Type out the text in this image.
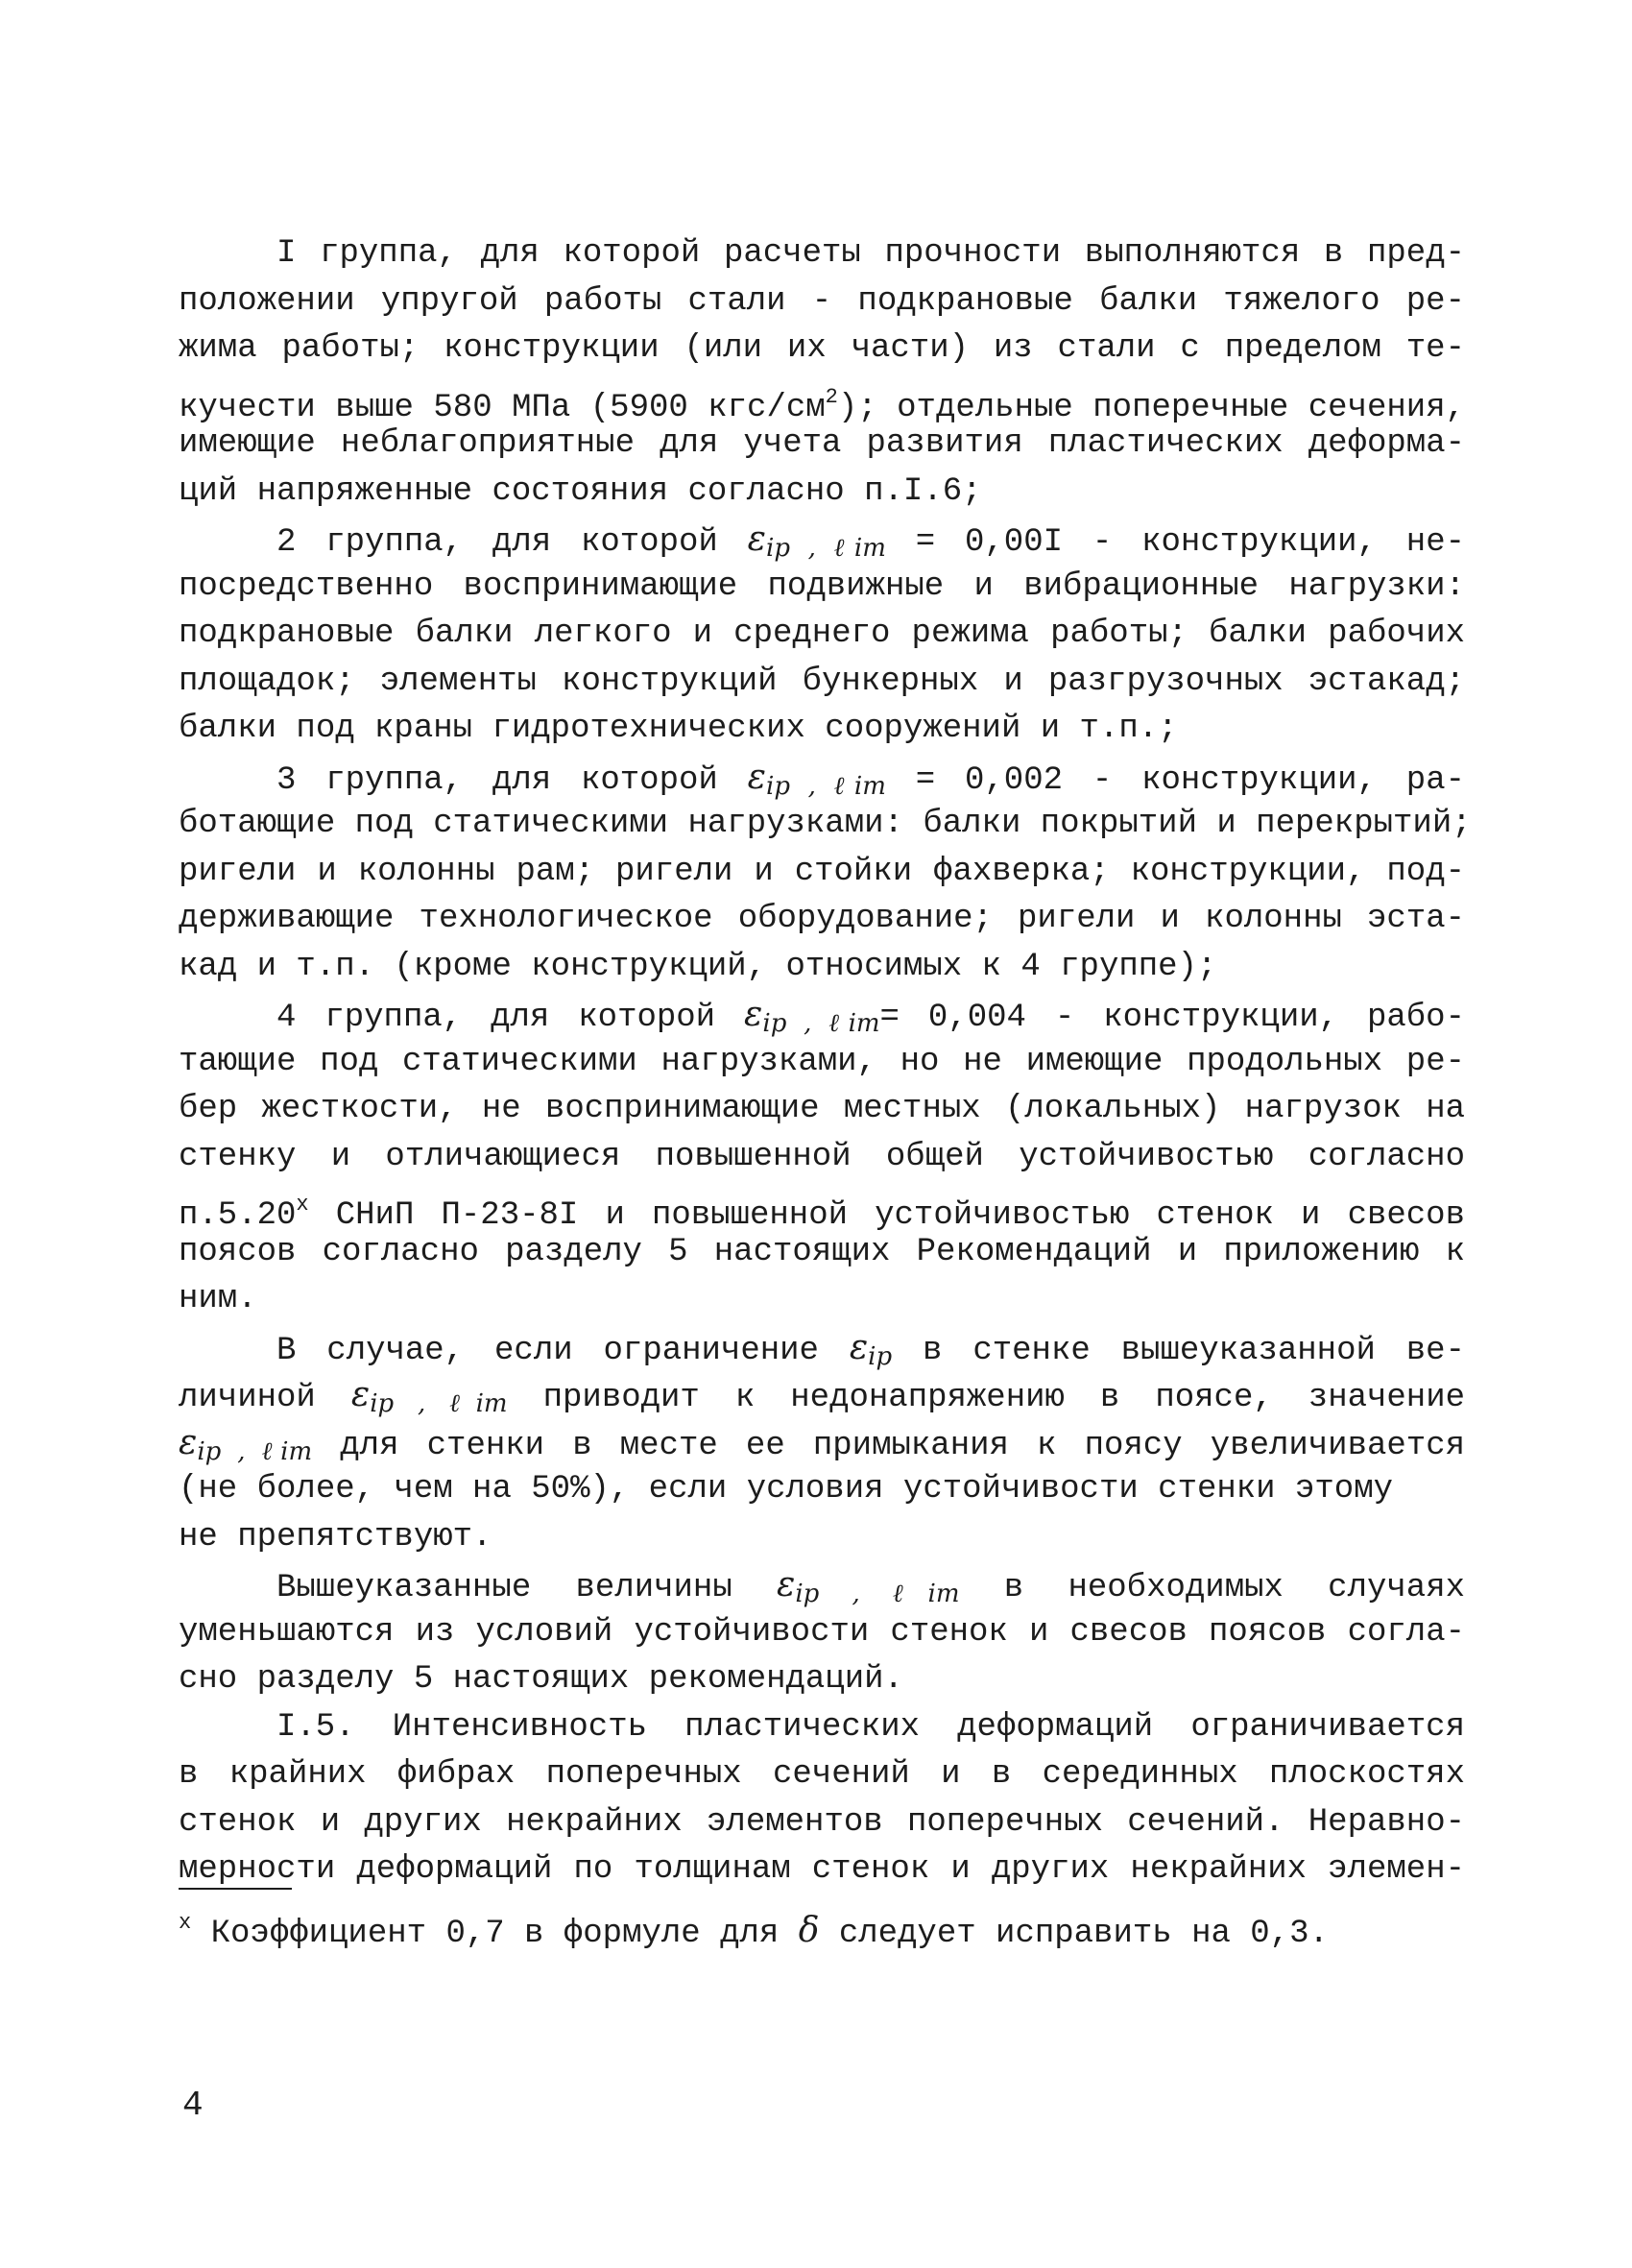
I группа, для которой расчеты прочности выполняются в пред-
положении упругой работы стали - подкрановые балки тяжелого ре-
жима работы; конструкции (или их части) из стали с пределом те-
кучести выше 580 МПа (5900 кгс/$см^2$); отдельные поперечные сечения,
имеющие неблагоприятные для учета развития пластических деформа-
ций напряженные состояния согласно п.I.6;
2 группа, для которой $\varepsilon_{ip , \ell im} = 0,00I$ - конструкции, не-
посредственно воспринимающие подвижные и вибрационные нагрузки:
подкрановые балки легкого и среднего режима работы; балки рабочих
площадок; элементы конструкций бункерных и разгрузочных эстакад;
балки под краны гидротехнических сооружений и т.п.;
3 группа, для которой $\varepsilon_{ip , \ell im} = 0,002$ - конструкции, ра-
ботающие под статическими нагрузками: балки покрытий и перекрытий;
ригели и колонны рам; ригели и стойки фахверка; конструкции, под-
держивающие технологическое оборудование; ригели и колонны эста-
кад и т.п. (кроме конструкций, относимых к 4 группе);
4 группа, для которой $\varepsilon_{ip , \ell im}= 0,004$ - конструкции, рабо-
тающие под статическими нагрузками, но не имеющие продольных ре-
бер жесткости, не воспринимающие местных (локальных) нагрузок на
стенку и отличающиеся повышенной общей устойчивостью согласно
п.5.20$^x$ СНиП П-23-8I и повышенной устойчивостью стенок и свесов
поясов согласно разделу 5 настоящих Рекомендаций и приложению к
ним.
В случае, если ограничение $\varepsilon_{ip}$ в стенке вышеуказанной ве-
личиной $\varepsilon_{ip , \ell im}$ приводит к недонапряжению в поясе, значение
$\varepsilon_{ip , \ell im}$ для стенки в месте ее примыкания к поясу увеличивается
(не более, чем на 50%), если условия устойчивости стенки этому
не препятствуют.
Вышеуказанные величины $\varepsilon_{ip , \ell im}$ в необходимых случаях
уменьшаются из условий устойчивости стенок и свесов поясов согла-
сно разделу 5 настоящих рекомендаций.
I.5. Интенсивность пластических деформаций ограничивается
в крайних фибрах поперечных сечений и в серединных плоскостях
стенок и других некрайних элементов поперечных сечений. Неравно-
мерности деформаций по толщинам стенок и других некрайних элемен-
$^x$ Коэффициент 0,7 в формуле для δ следует исправить на 0,3.
4
